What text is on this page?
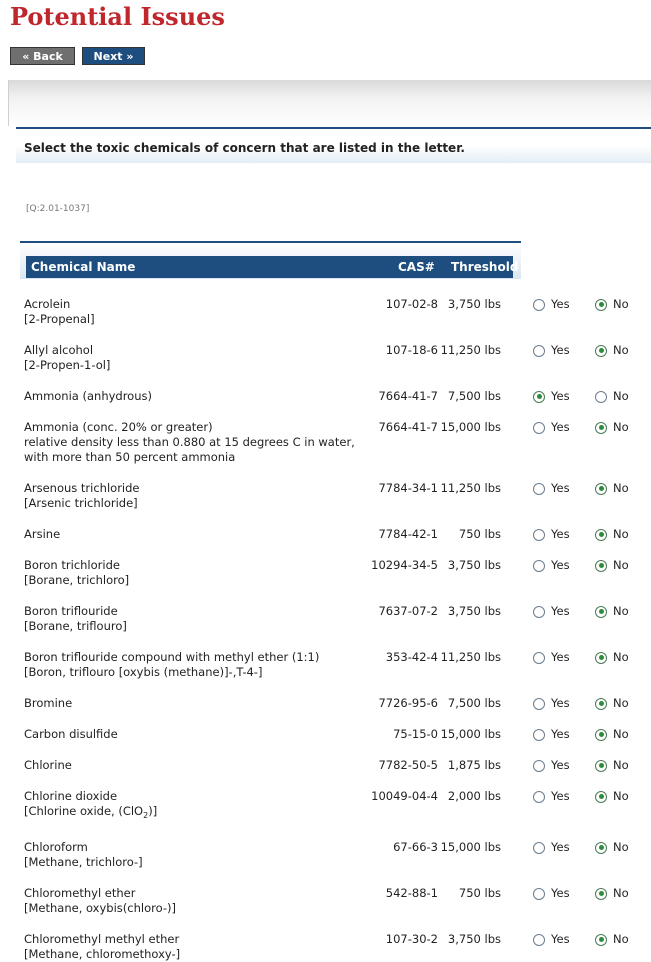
Potential Issues
« Back	Next »
Select the toxic chemicals of concern that are listed in the letter.
[Q:2.01-1037]
Chemical Name	CAS# Threshold
Acrolein
[2-Propenal]
107-02-8 3,750 lbs	Yes	No
Allyl alcohol
[2-Propen-1-ol]
107-18-6 11,250 lbs	Yes	No
Ammonia (anhydrous)	7664-41-7 7,500 lbs	Yes	No
Ammonia (conc. 20% or greater)
relative density less than 0.880 at 15 degrees C in water, with more than 50 percent ammonia
7664-41-7 15,000 lbs	Yes	No
Arsenous trichloride
[Arsenic trichloride]
7784-34-1 11,250 lbs	Yes	No
Arsine	7784-42-1	750 lbs	Yes	No
Boron trichloride
[Borane, trichloro]
10294-34-5 3,750 lbs	Yes	No
Boron triflouride
[Borane, triflouro]
7637-07-2 3,750 lbs	Yes	No
Boron triflouride compound with methyl ether (1:1)
[Boron, triflouro [oxybis (methane)]-,T-4-]
353-42-4 11,250 lbs	Yes	No
Bromine	7726-95-6 7,500 lbs	Yes	No
Carbon disulfide	75-15-0 15,000 lbs	Yes	No
Chlorine	7782-50-5 1,875 lbs	Yes	No
Chlorine dioxide
[Chlorine oxide, (ClO$_2$)]
10049-04-4 2,000 lbs	Yes	No
Chloroform
[Methane, trichloro-]
67-66-3 15,000 lbs	Yes	No
Chloromethyl ether
[Methane, oxybis(chloro-)]
542-88-1	750 lbs	Yes	No
Chloromethyl methyl ether
[Methane, chloromethoxy-]
107-30-2 3,750 lbs	Yes	No
